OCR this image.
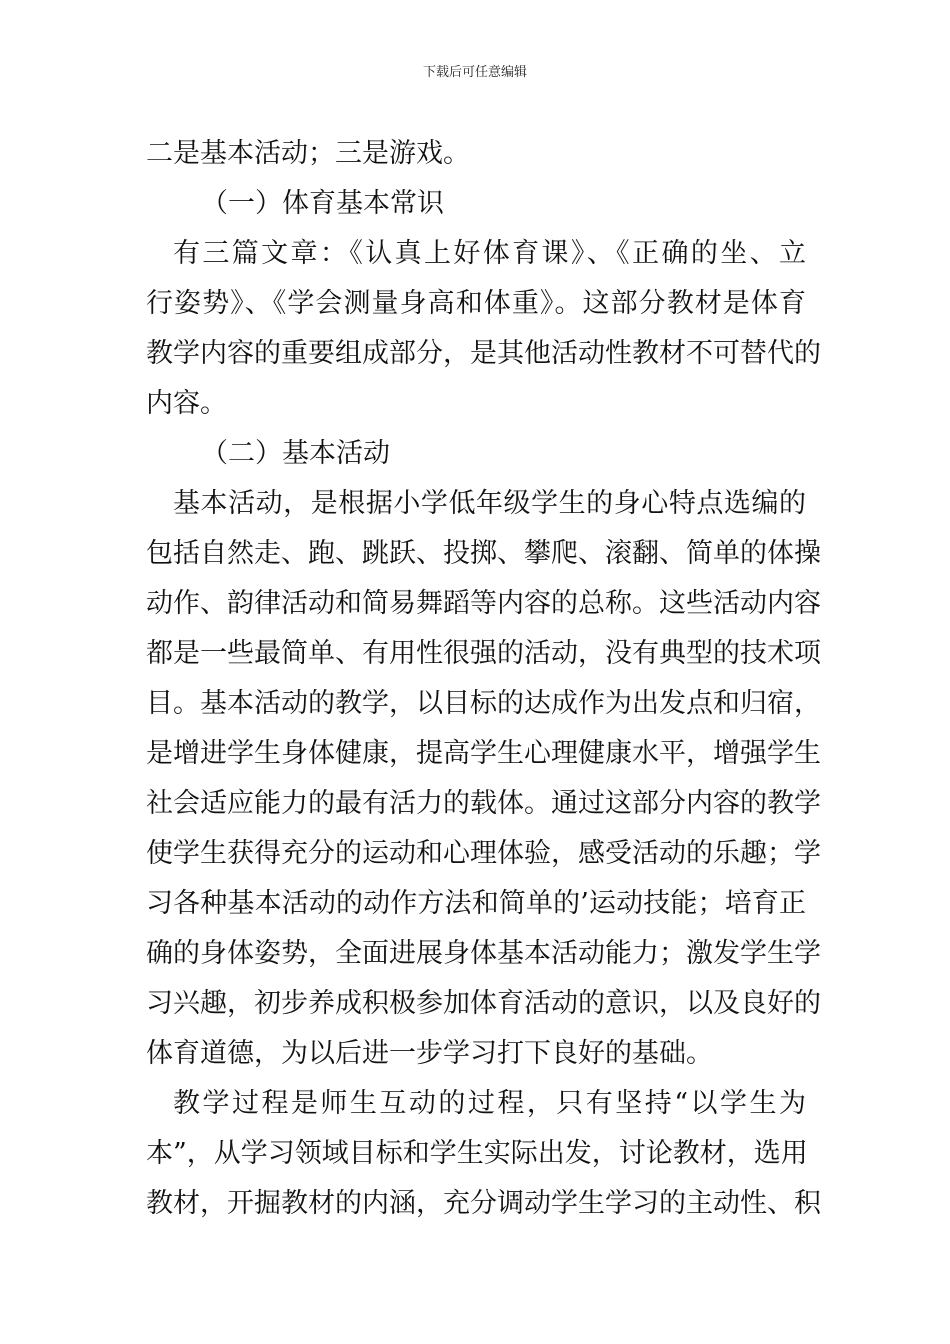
下载后可任意编辑
二是基本活动；三是游戏。
（一）体育基本常识
有三篇文章：《认真上好体育课》、《正确的坐、立
行姿势》、《学会测量身高和体重》。这部分教材是体育
教学内容的重要组成部分，是其他活动性教材不可替代的
内容。
（二）基本活动
基本活动，是根据小学低年级学生的身心特点选编的
包括自然走、跑、跳跃、投掷、攀爬、滚翻、简单的体操
动作、韵律活动和简易舞蹈等内容的总称。这些活动内容
都是一些最简单、有用性很强的活动，没有典型的技术项
目。基本活动的教学，以目标的达成作为出发点和归宿，
是增进学生身体健康，提高学生心理健康水平，增强学生
社会适应能力的最有活力的载体。通过这部分内容的教学
使学生获得充分的运动和心理体验，感受活动的乐趣；学
习各种基本活动的动作方法和简单的’运动技能；培育正
确的身体姿势，全面进展身体基本活动能力；激发学生学
习兴趣，初步养成积极参加体育活动的意识，以及良好的
体育道德，为以后进一步学习打下良好的基础。
教学过程是师生互动的过程，只有坚持“以学生为
本”，从学习领域目标和学生实际出发，讨论教材，选用
教材，开掘教材的内涵，充分调动学生学习的主动性、积
